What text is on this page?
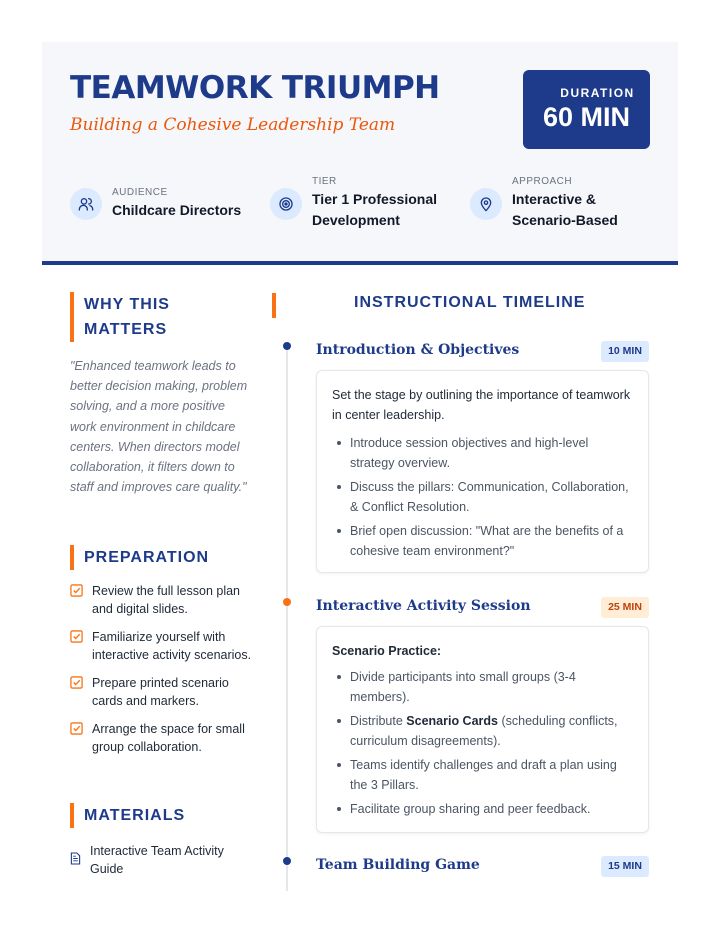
TEAMWORK TRIUMPH
Building a Cohesive Leadership Team
DURATION
60 MIN
AUDIENCE
Childcare Directors
TIER
Tier 1 Professional
Development
APPROACH
Interactive &
Scenario-Based
WHY THIS
MATTERS
"Enhanced teamwork leads to better decision making, problem solving, and a more positive work environment in childcare centers. When directors model collaboration, it filters down to staff and improves care quality."
PREPARATION
Review the full lesson plan and digital slides.
Familiarize yourself with interactive activity scenarios.
Prepare printed scenario cards and markers.
Arrange the space for small group collaboration.
MATERIALS
Interactive Team Activity Guide
INSTRUCTIONAL TIMELINE
Introduction & Objectives	10 MIN
Set the stage by outlining the importance of teamwork in center leadership.
Introduce session objectives and high-level strategy overview.
Discuss the pillars: Communication, Collaboration, & Conflict Resolution.
Brief open discussion: "What are the benefits of a cohesive team environment?"
Interactive Activity Session	25 MIN
Scenario Practice:
Divide participants into small groups (3-4 members).
Distribute Scenario Cards (scheduling conflicts, curriculum disagreements).
Teams identify challenges and draft a plan using the 3 Pillars.
Facilitate group sharing and peer feedback.
Team Building Game	15 MIN
